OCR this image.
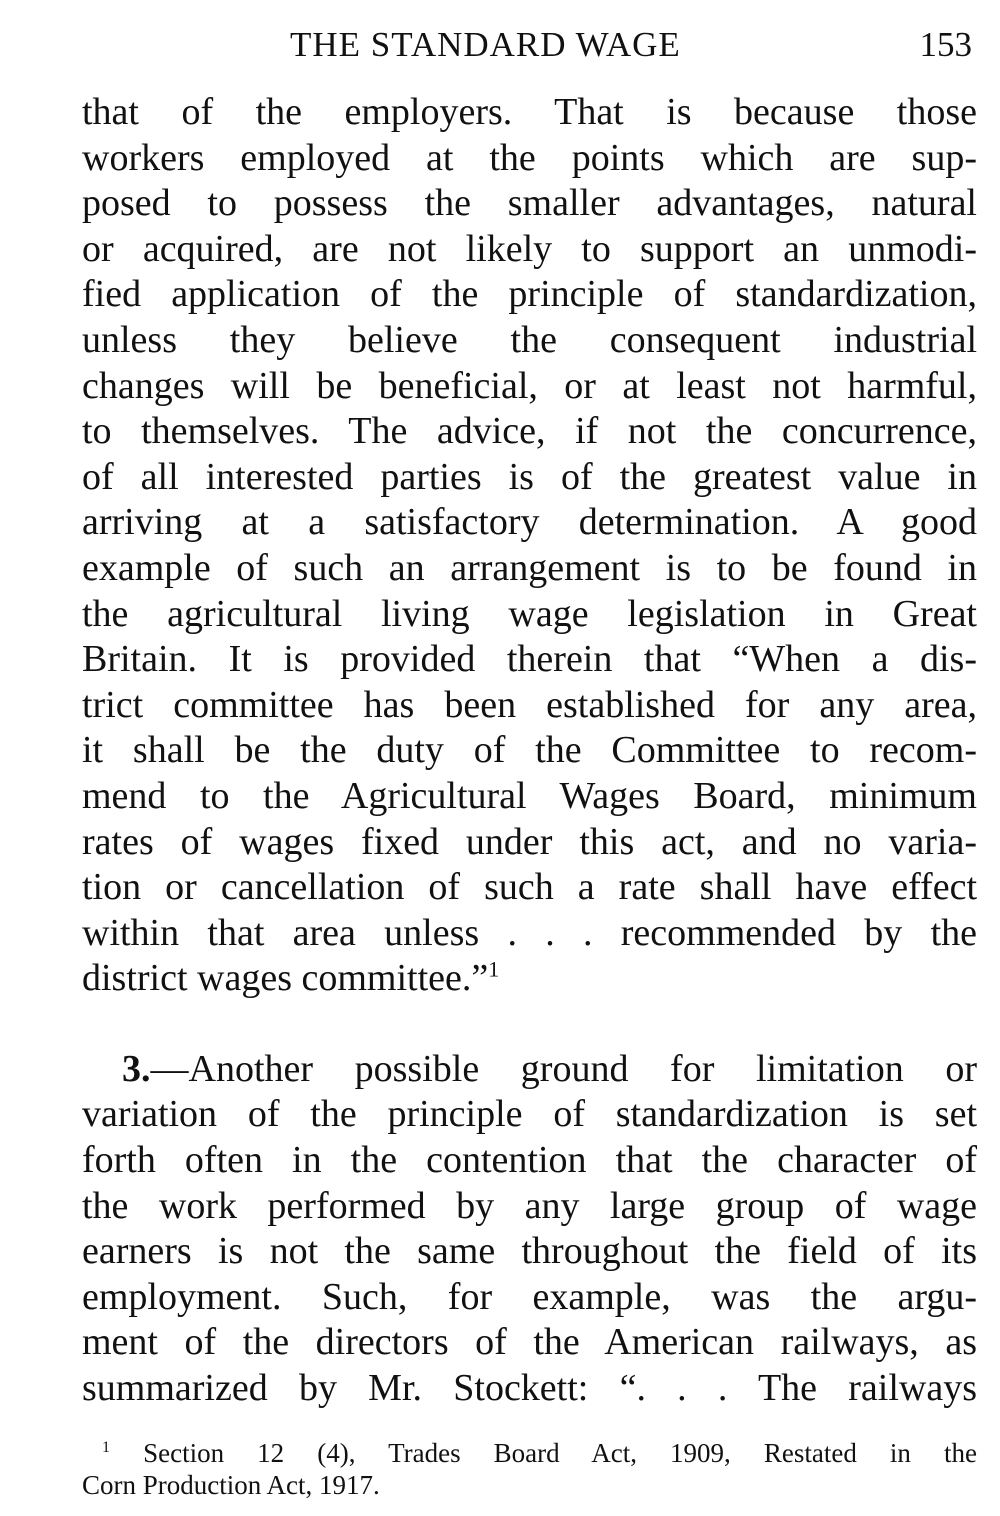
THE STANDARD WAGE	153
that of the employers. That is because those
workers employed at the points which are sup-
posed to possess the smaller advantages, natural
or acquired, are not likely to support an unmodi-
fied application of the principle of standardization,
unless they believe the consequent industrial
changes will be beneficial, or at least not harmful,
to themselves. The advice, if not the concurrence,
of all interested parties is of the greatest value in
arriving at a satisfactory determination. A good
example of such an arrangement is to be found in
the agricultural living wage legislation in Great
Britain. It is provided therein that “When a dis-
trict committee has been established for any area,
it shall be the duty of the Committee to recom-
mend to the Agricultural Wages Board, minimum
rates of wages fixed under this act, and no varia-
tion or cancellation of such a rate shall have effect
within that area unless . . . recommended by the
district wages committee.”$^1$
3.—Another possible ground for limitation or
variation of the principle of standardization is set
forth often in the contention that the character of
the work performed by any large group of wage
earners is not the same throughout the field of its
employment. Such, for example, was the argu-
ment of the directors of the American railways, as
summarized by Mr. Stockett: “. . . The railways
$^1$ Section 12 (4), Trades Board Act, 1909, Restated in the
Corn Production Act, 1917.
